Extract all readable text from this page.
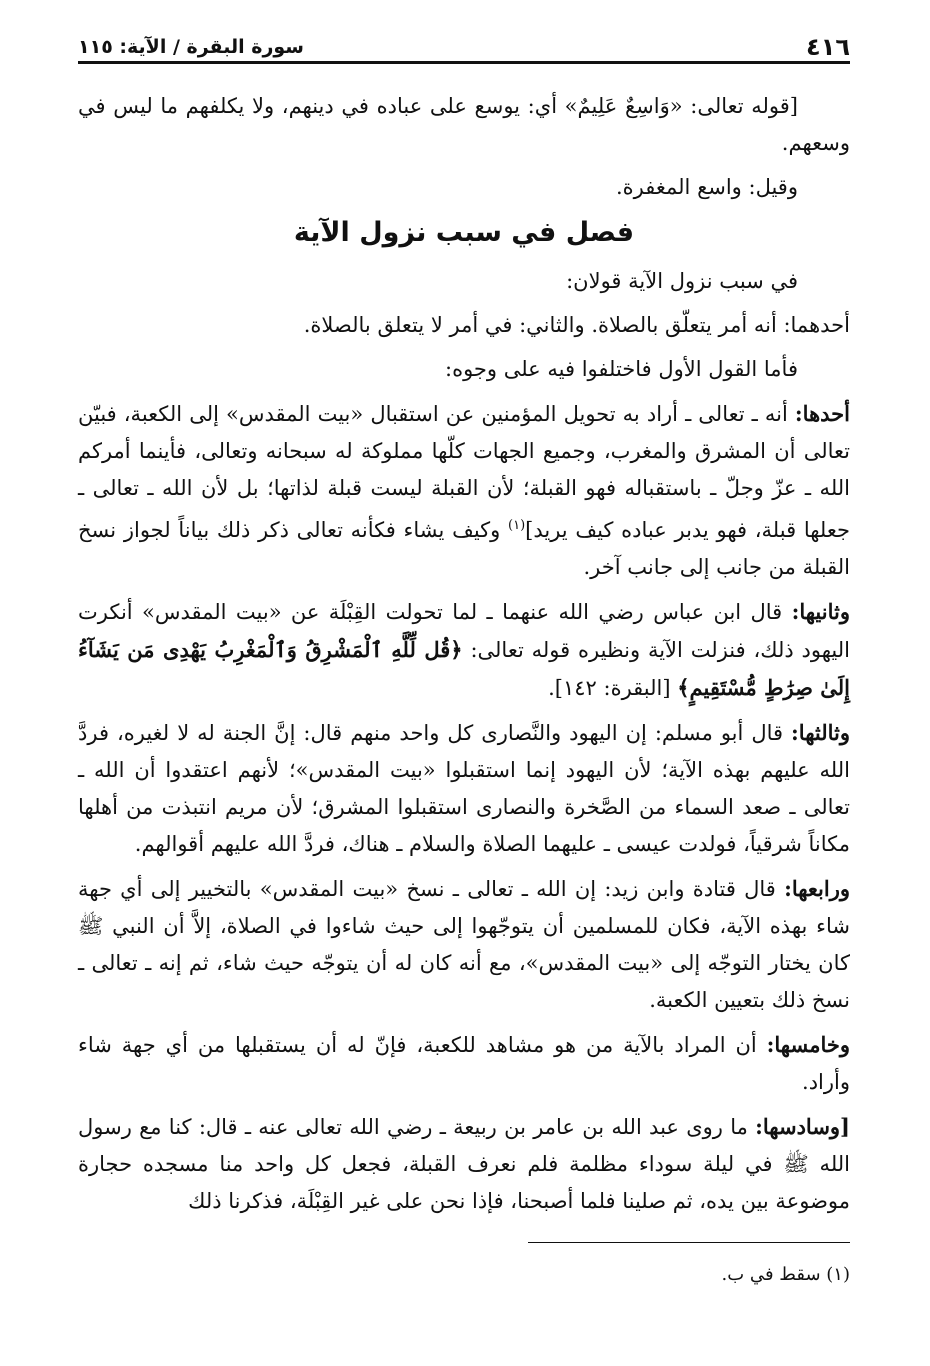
٤١٦
سورة البقرة / الآية: ١١٥

[قوله تعالى: «وَاسِعٌ عَلِيمٌ» أي: يوسع على عباده في دينهم، ولا يكلفهم ما ليس في وسعهم.

وقيل: واسع المغفرة.

فصل في سبب نزول الآية

في سبب نزول الآية قولان:

أحدهما: أنه أمر يتعلّق بالصلاة. والثاني: في أمر لا يتعلق بالصلاة.

فأما القول الأول فاختلفوا فيه على وجوه:

أحدها: أنه ـ تعالى ـ أراد به تحويل المؤمنين عن استقبال «بيت المقدس» إلى الكعبة، فبيّن تعالى أن المشرق والمغرب، وجميع الجهات كلّها مملوكة له سبحانه وتعالى، فأينما أمركم الله ـ عزّ وجلّ ـ باستقباله فهو القبلة؛ لأن القبلة ليست قبلة لذاتها؛ بل لأن الله ـ تعالى ـ جعلها قبلة، فهو يدبر عباده كيف يريد]$^{(١)}$ وكيف يشاء فكأنه تعالى ذكر ذلك بياناً لجواز نسخ القبلة من جانب إلى جانب آخر.

وثانيها: قال ابن عباس رضي الله عنهما ـ لما تحولت القِبْلَة عن «بيت المقدس» أنكرت اليهود ذلك، فنزلت الآية ونظيره قوله تعالى: ﴿قُل لِّلَّهِ ٱلْمَشْرِقُ وَٱلْمَغْرِبُ يَهْدِى مَن يَشَآءُ إِلَىٰ صِرَٰطٍ مُّسْتَقِيمٍ﴾ [البقرة: ١٤٢].

وثالثها: قال أبو مسلم: إن اليهود والنَّصارى كل واحد منهم قال: إنَّ الجنة له لا لغيره، فردَّ الله عليهم بهذه الآية؛ لأن اليهود إنما استقبلوا «بيت المقدس»؛ لأنهم اعتقدوا أن الله ـ تعالى ـ صعد السماء من الصَّخرة والنصارى استقبلوا المشرق؛ لأن مريم انتبذت من أهلها مكاناً شرقياً، فولدت عيسى ـ عليهما الصلاة والسلام ـ هناك، فردَّ الله عليهم أقوالهم.

ورابعها: قال قتادة وابن زيد: إن الله ـ تعالى ـ نسخ «بيت المقدس» بالتخيير إلى أي جهة شاء بهذه الآية، فكان للمسلمين أن يتوجّهوا إلى حيث شاءوا في الصلاة، إلاَّ أن النبي ﷺ كان يختار التوجّه إلى «بيت المقدس»، مع أنه كان له أن يتوجّه حيث شاء، ثم إنه ـ تعالى ـ نسخ ذلك بتعيين الكعبة.

وخامسها: أن المراد بالآية من هو مشاهد للكعبة، فإنّ له أن يستقبلها من أي جهة شاء وأراد.

[وسادسها: ما روى عبد الله بن عامر بن ربيعة ـ رضي الله تعالى عنه ـ قال: كنا مع رسول الله ﷺ في ليلة سوداء مظلمة فلم نعرف القبلة، فجعل كل واحد منا مسجده حجارة موضوعة بين يده، ثم صلينا فلما أصبحنا، فإذا نحن على غير القِبْلَة، فذكرنا ذلك

(١) سقط في ب.
